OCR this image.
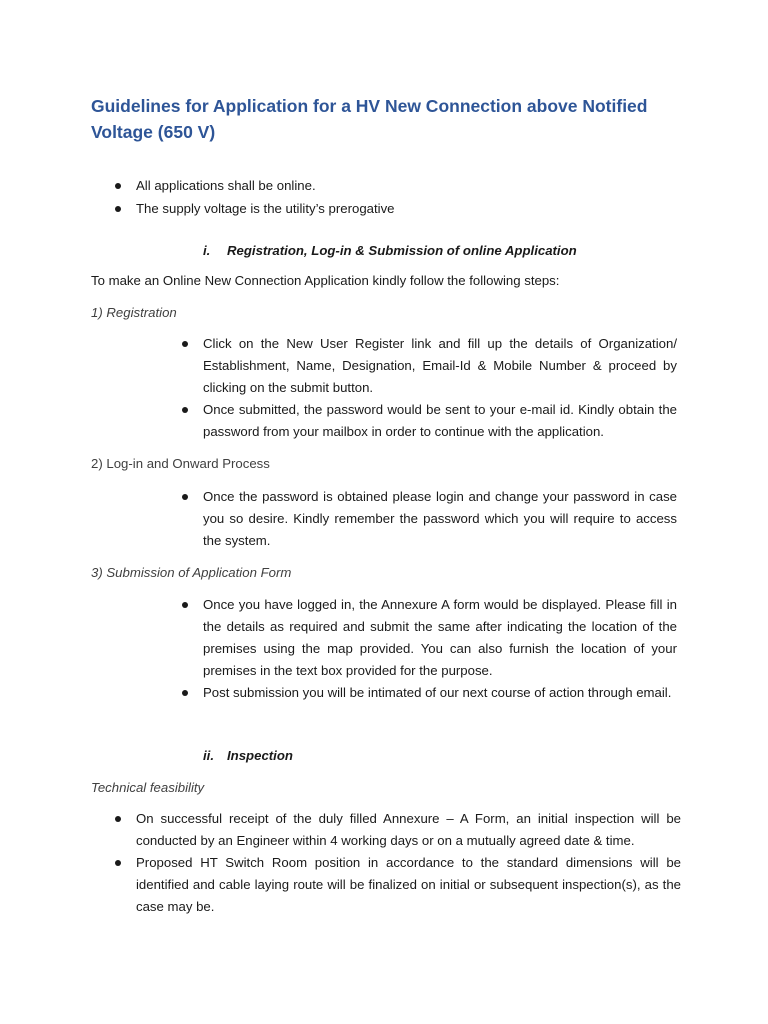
Guidelines for Application for a HV New Connection above Notified Voltage (650 V)
All applications shall be online.
The supply voltage is the utility’s prerogative
i. Registration, Log-in & Submission of online Application
To make an Online New Connection Application kindly follow the following steps:
1) Registration
Click on the New User Register link and fill up the details of Organization/ Establishment, Name, Designation, Email-Id & Mobile Number & proceed by clicking on the submit button.
Once submitted, the password would be sent to your e-mail id. Kindly obtain the password from your mailbox in order to continue with the application.
2) Log-in and Onward Process
Once the password is obtained please login and change your password in case you so desire. Kindly remember the password which you will require to access the system.
3) Submission of Application Form
Once you have logged in, the Annexure A form would be displayed. Please fill in the details as required and submit the same after indicating the location of the premises using the map provided. You can also furnish the location of your premises in the text box provided for the purpose.
Post submission you will be intimated of our next course of action through email.
ii. Inspection
Technical feasibility
On successful receipt of the duly filled Annexure – A Form, an initial inspection will be conducted by an Engineer within 4 working days or on a mutually agreed date & time.
Proposed HT Switch Room position in accordance to the standard dimensions will be identified and cable laying route will be finalized on initial or subsequent inspection(s), as the case may be.
